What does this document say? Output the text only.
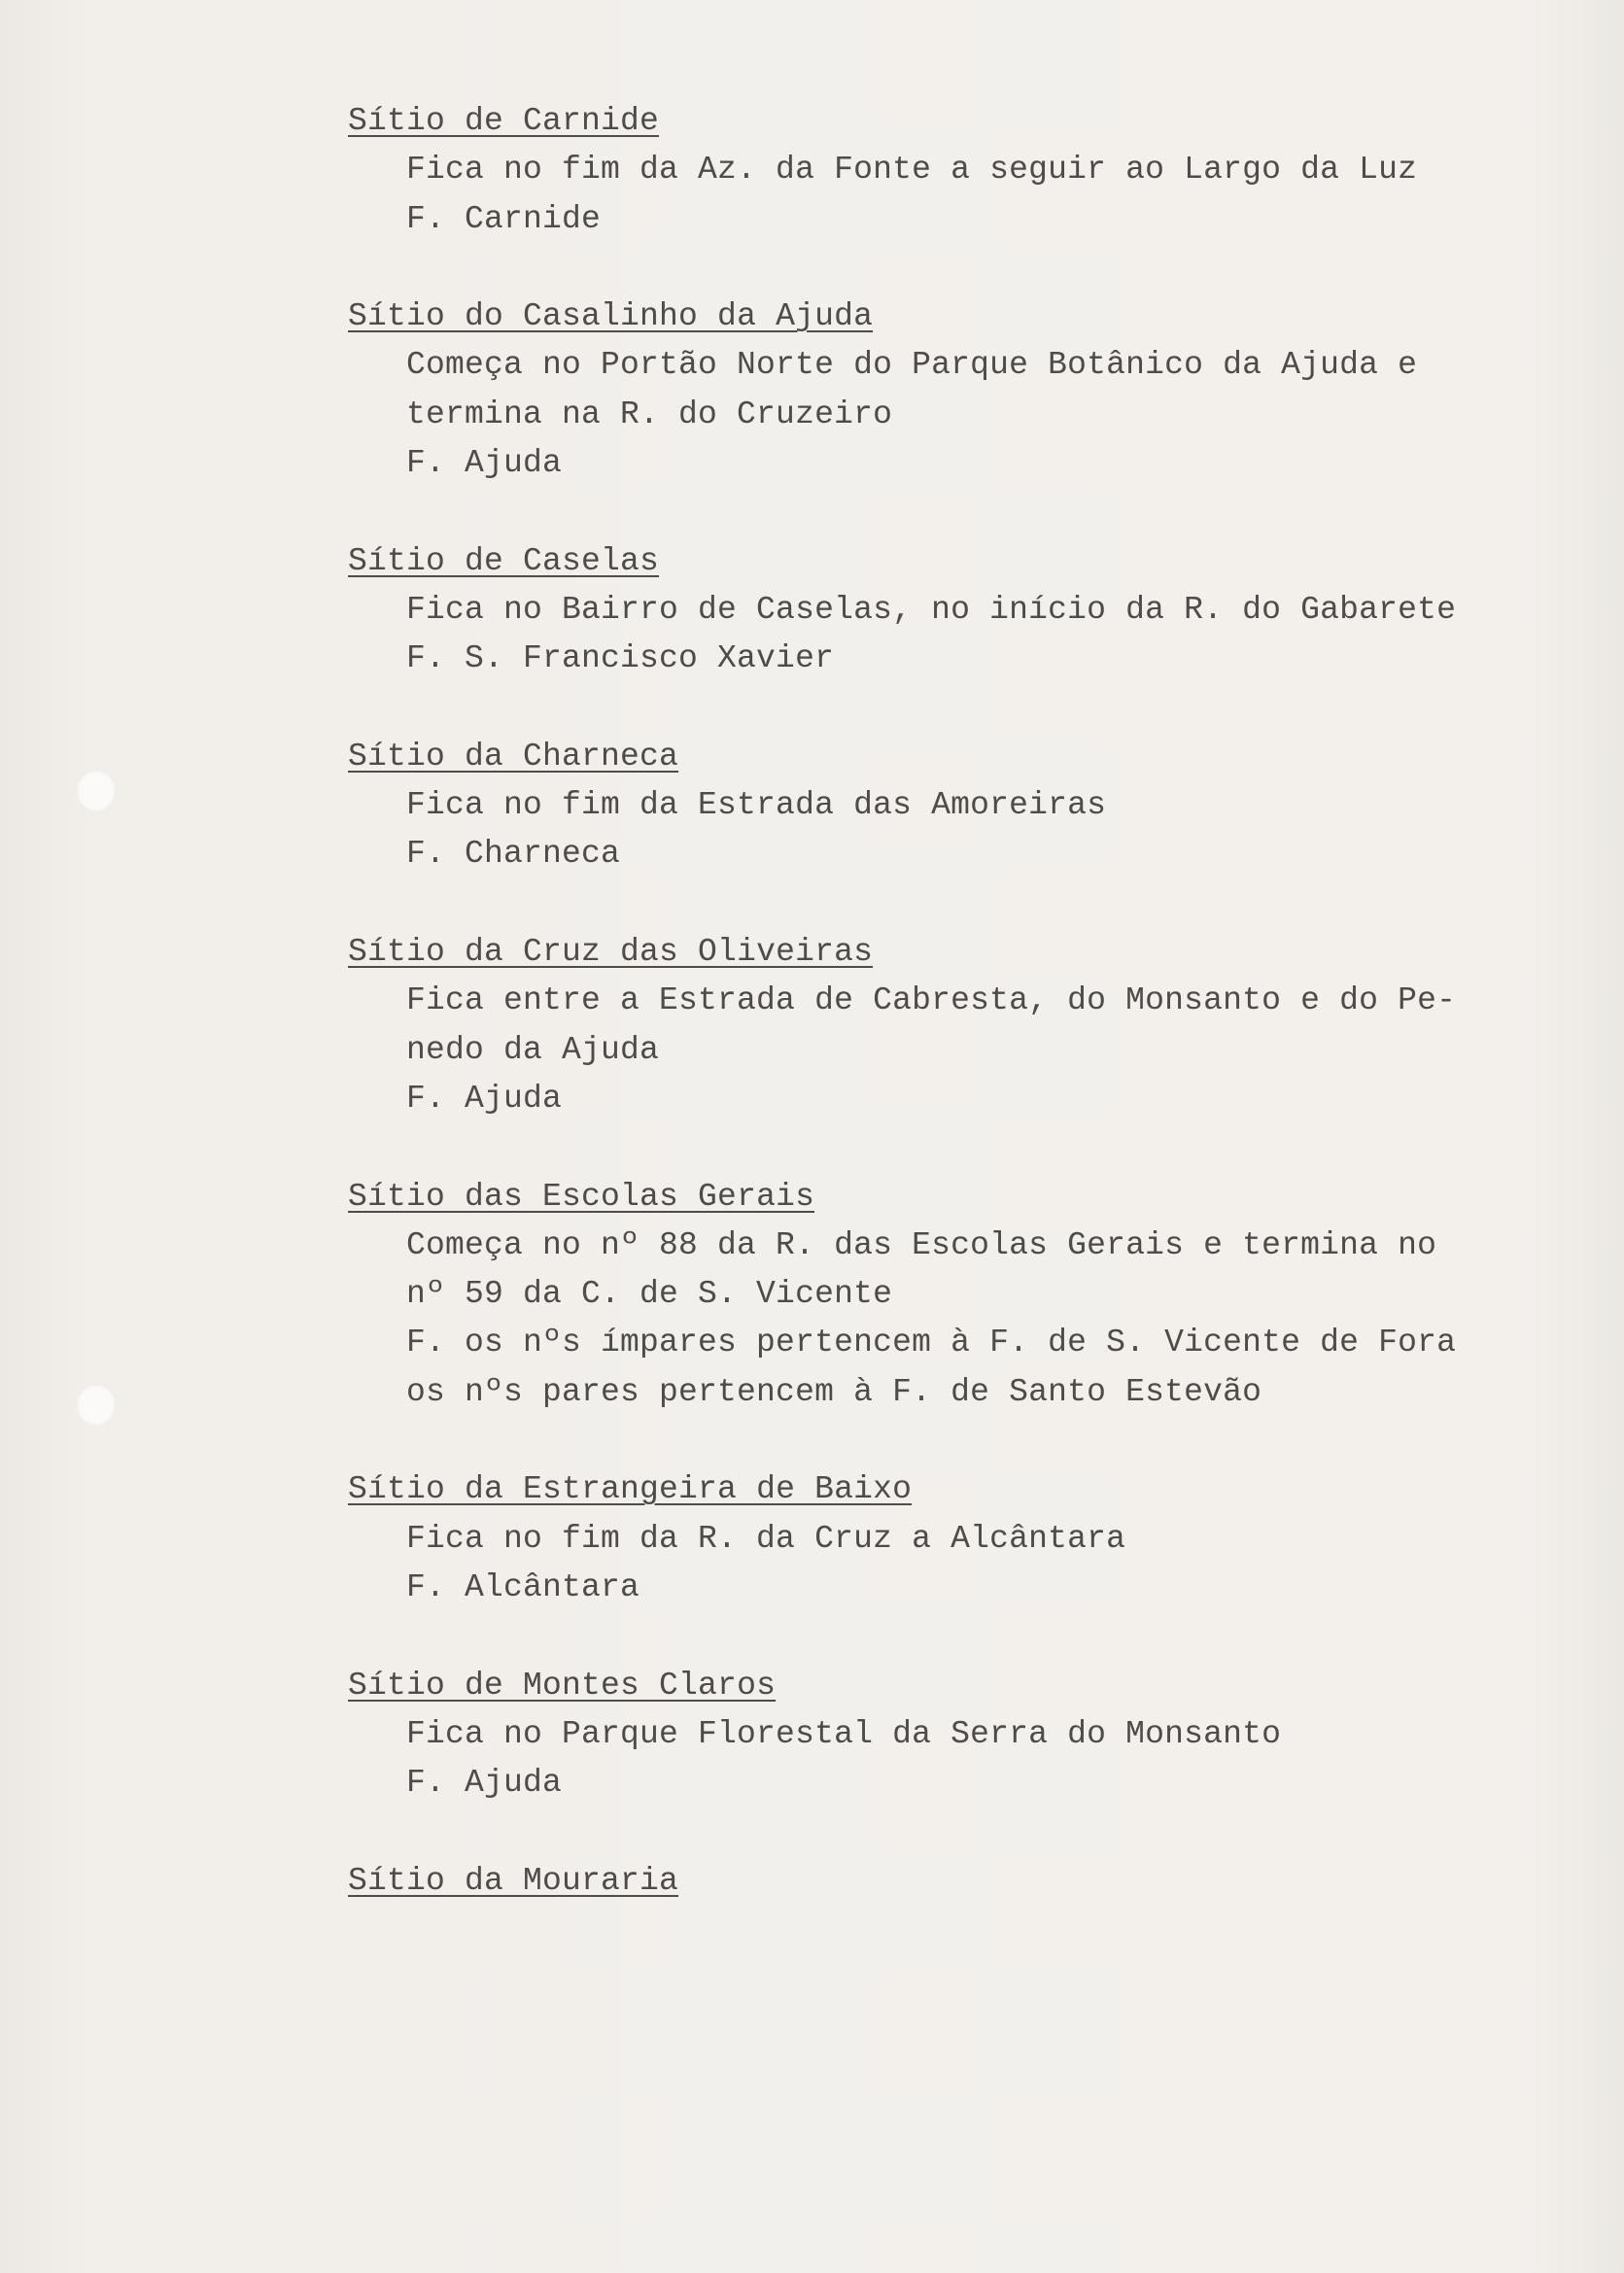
Sítio de Carnide
Fica no fim da Az. da Fonte a seguir ao Largo da Luz
F. Carnide
Sítio do Casalinho da Ajuda
Começa no Portão Norte do Parque Botânico da Ajuda e
termina na R. do Cruzeiro
F. Ajuda
Sítio de Caselas
Fica no Bairro de Caselas, no início da R. do Gabarete
F. S. Francisco Xavier
Sítio da Charneca
Fica no fim da Estrada das Amoreiras
F. Charneca
Sítio da Cruz das Oliveiras
Fica entre a Estrada de Cabresta, do Monsanto e do Pe-
nedo da Ajuda
F. Ajuda
Sítio das Escolas Gerais
Começa no nº 88 da R. das Escolas Gerais e termina no
nº 59 da C. de S. Vicente
F. os nºs ímpares pertencem à F. de S. Vicente de Fora
os nºs pares pertencem à F. de Santo Estevão
Sítio da Estrangeira de Baixo
Fica no fim da R. da Cruz a Alcântara
F. Alcântara
Sítio de Montes Claros
Fica no Parque Florestal da Serra do Monsanto
F. Ajuda
Sítio da Mouraria
